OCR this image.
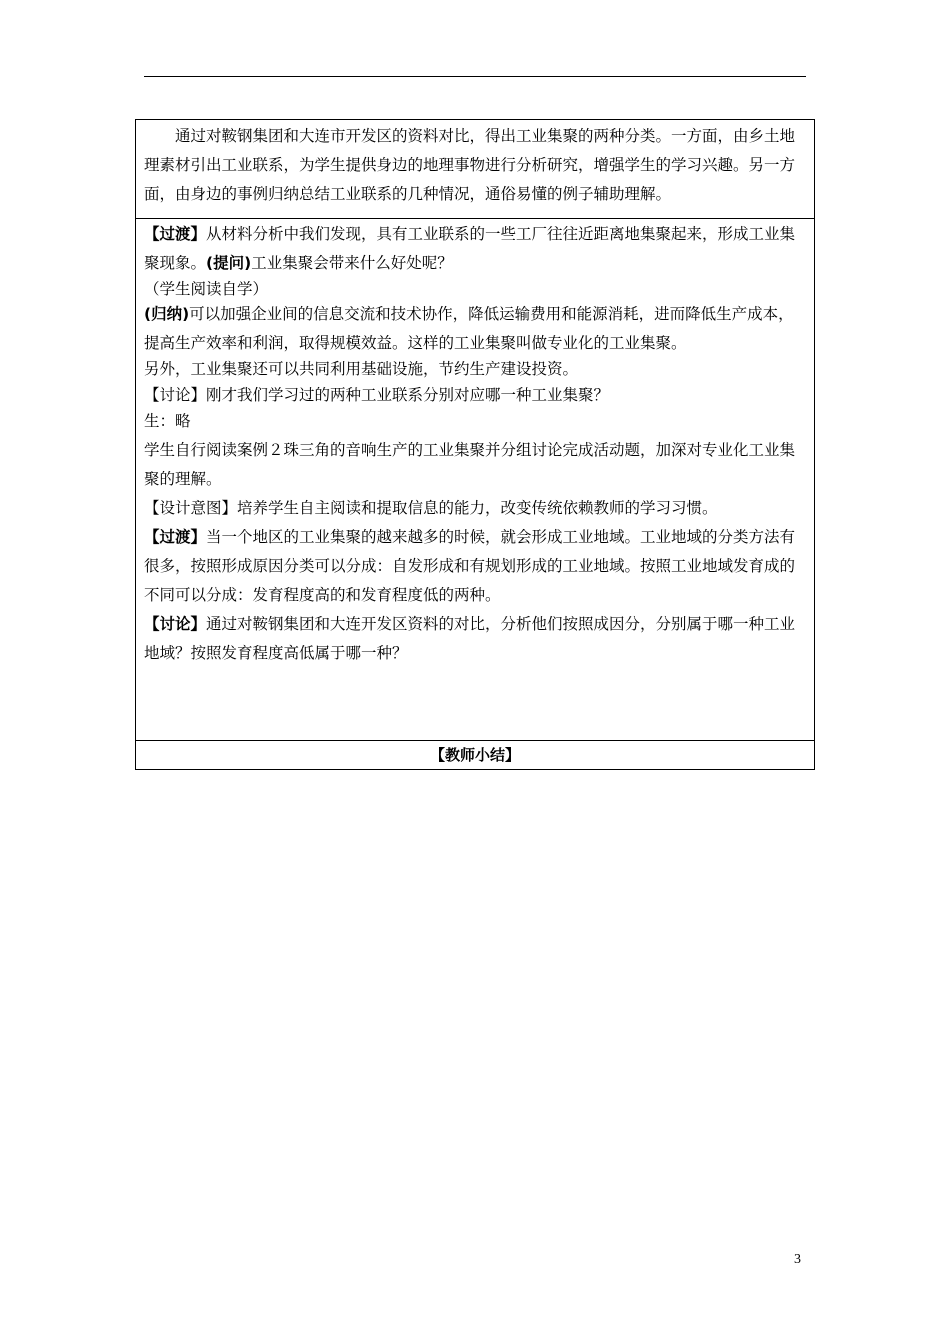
通过对鞍钢集团和大连市开发区的资料对比，得出工业集聚的两种分类。一方面，由乡土地理素材引出工业联系，为学生提供身边的地理事物进行分析研究，增强学生的学习兴趣。另一方面，由身边的事例归纳总结工业联系的几种情况，通俗易懂的例子辅助理解。

【过渡】从材料分析中我们发现，具有工业联系的一些工厂往往近距离地集聚起来，形成工业集聚现象。(提问)工业集聚会带来什么好处呢？

（学生阅读自学）

(归纳)可以加强企业间的信息交流和技术协作，降低运输费用和能源消耗，进而降低生产成本，提高生产效率和利润，取得规模效益。这样的工业集聚叫做专业化的工业集聚。

另外，工业集聚还可以共同利用基础设施，节约生产建设投资。

【讨论】刚才我们学习过的两种工业联系分别对应哪一种工业集聚？

生：略

学生自行阅读案例２珠三角的音响生产的工业集聚并分组讨论完成活动题，加深对专业化工业集聚的理解。

【设计意图】培养学生自主阅读和提取信息的能力，改变传统依赖教师的学习习惯。

【过渡】当一个地区的工业集聚的越来越多的时候，就会形成工业地域。工业地域的分类方法有很多，按照形成原因分类可以分成：自发形成和有规划形成的工业地域。按照工业地域发育成的不同可以分成：发育程度高的和发育程度低的两种。

【讨论】通过对鞍钢集团和大连开发区资料的对比，分析他们按照成因分，分别属于哪一种工业地域？按照发育程度高低属于哪一种？

【教师小结】
3
